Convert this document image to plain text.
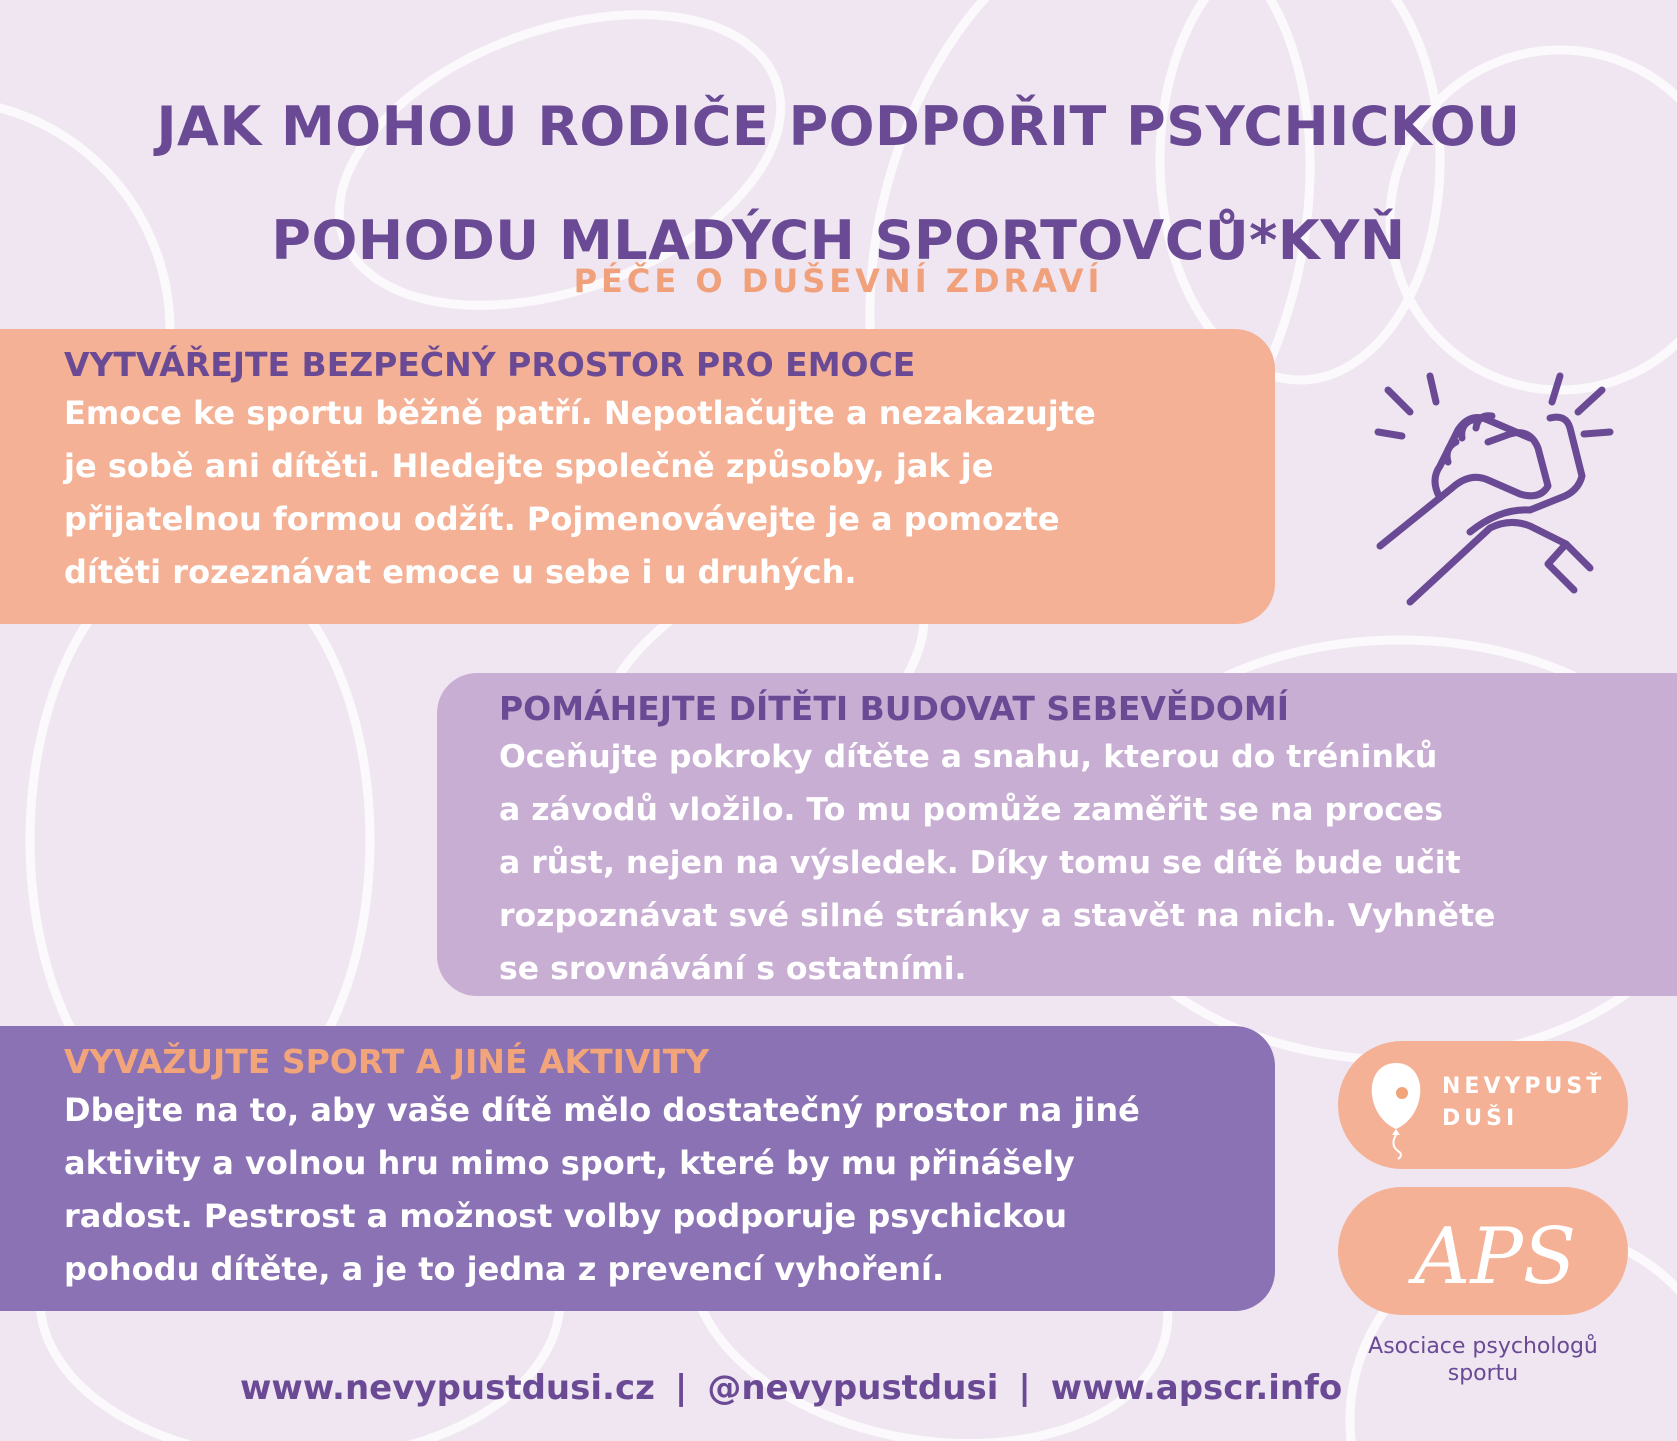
JAK MOHOU RODIČE PODPOŘIT PSYCHICKOU
POHODU MLADÝCH SPORTOVCŮ*KYŇ
PÉČE O DUŠEVNÍ ZDRAVÍ
VYTVÁŘEJTE BEZPEČNÝ PROSTOR PRO EMOCE

Emoce ke sportu běžně patří. Nepotlačujte a nezakazujte

je sobě ani dítěti. Hledejte společně způsoby, jak je

přijatelnou formou odžít. Pojmenovávejte je a pomozte

dítěti rozeznávat emoce u sebe i u druhých.

POMÁHEJTE DÍTĚTI BUDOVAT SEBEVĚDOMÍ

Oceňujte pokroky dítěte a snahu, kterou do tréninků

a závodů vložilo. To mu pomůže zaměřit se na proces

a růst, nejen na výsledek. Díky tomu se dítě bude učit

rozpoznávat své silné stránky a stavět na nich. Vyhněte

se srovnávání s ostatními.

VYVAŽUJTE SPORT A JINÉ AKTIVITY

Dbejte na to, aby vaše dítě mělo dostatečný prostor na jiné

aktivity a volnou hru mimo sport, které by mu přinášely

radost. Pestrost a možnost volby podporuje psychickou

pohodu dítěte, a je to jedna z prevencí vyhoření.

NEVYPUSŤ
DUŠI
APS
Asociace psychologů
sportu
www.nevypustdusi.cz | @nevypustdusi | www.apscr.info
